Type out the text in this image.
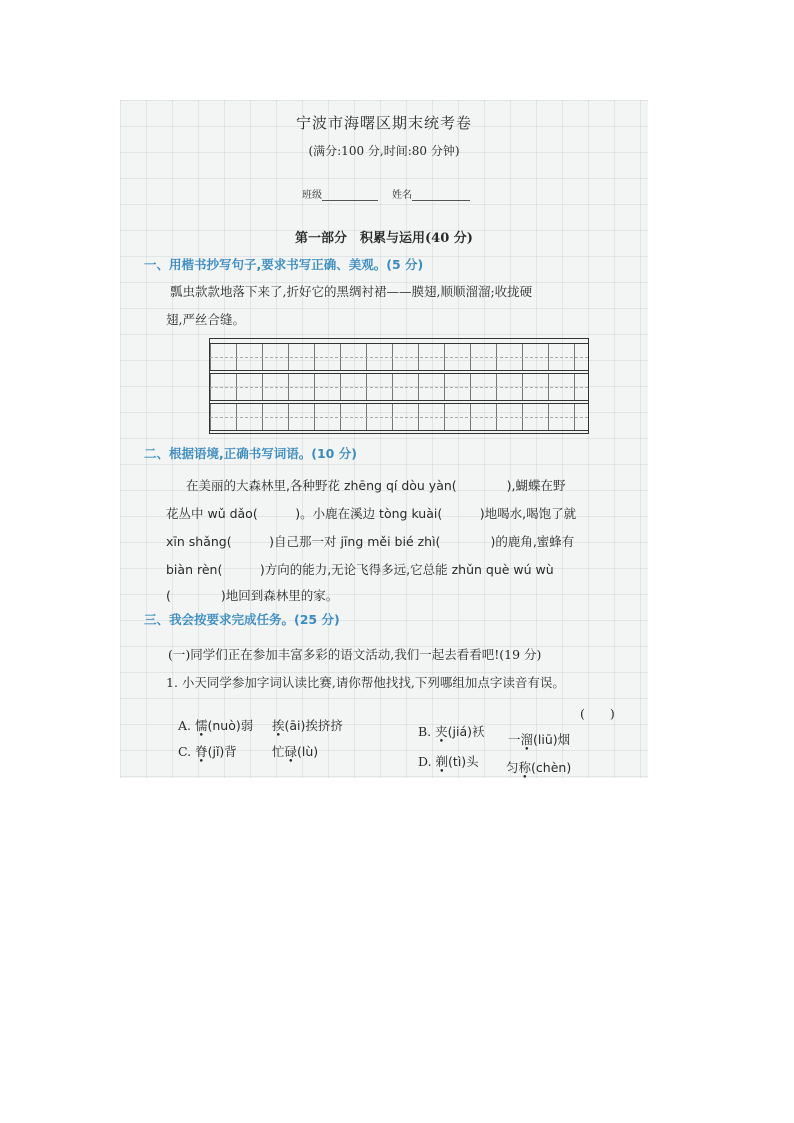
宁波市海曙区期末统考卷
(满分:100 分,时间:80 分钟)
班级	姓名
第一部分　积累与运用(40 分)
一、用楷书抄写句子,要求书写正确、美观。(5 分)
瓢虫款款地落下来了,折好它的黑绸衬裙——膜翅,顺顺溜溜;收拢硬
翅,严丝合缝。
二、根据语境,正确书写词语。(10 分)
在美丽的大森林里,各种野花 zhēng qí dòu yàn(　　　　),蝴蝶在野
花丛中 wǔ dǎo(　　　)。小鹿在溪边 tòng kuài(　　　)地喝水,喝饱了就
xīn shǎng(　　　)自己那一对 jīng měi bié zhì(　　　　)的鹿角,蜜蜂有
biàn rèn(　　　)方向的能力,无论飞得多远,它总能 zhǔn què wú wù
(　　　　)地回到森林里的家。
三、我会按要求完成任务。(25 分)
(一)同学们正在参加丰富多彩的语文活动,我们一起去看看吧!(19 分)
1. 小天同学参加字词认读比赛,请你帮他找找,下列哪组加点字读音有误。
(　　)
A. 懦(nuò)弱 挨(āi)挨挤挤	B. 夹(jiá)袄
一溜(liū)烟
C. 脊(jǐ)背	忙碌(lù)
D. 剃(tì)头 匀称(chèn)
